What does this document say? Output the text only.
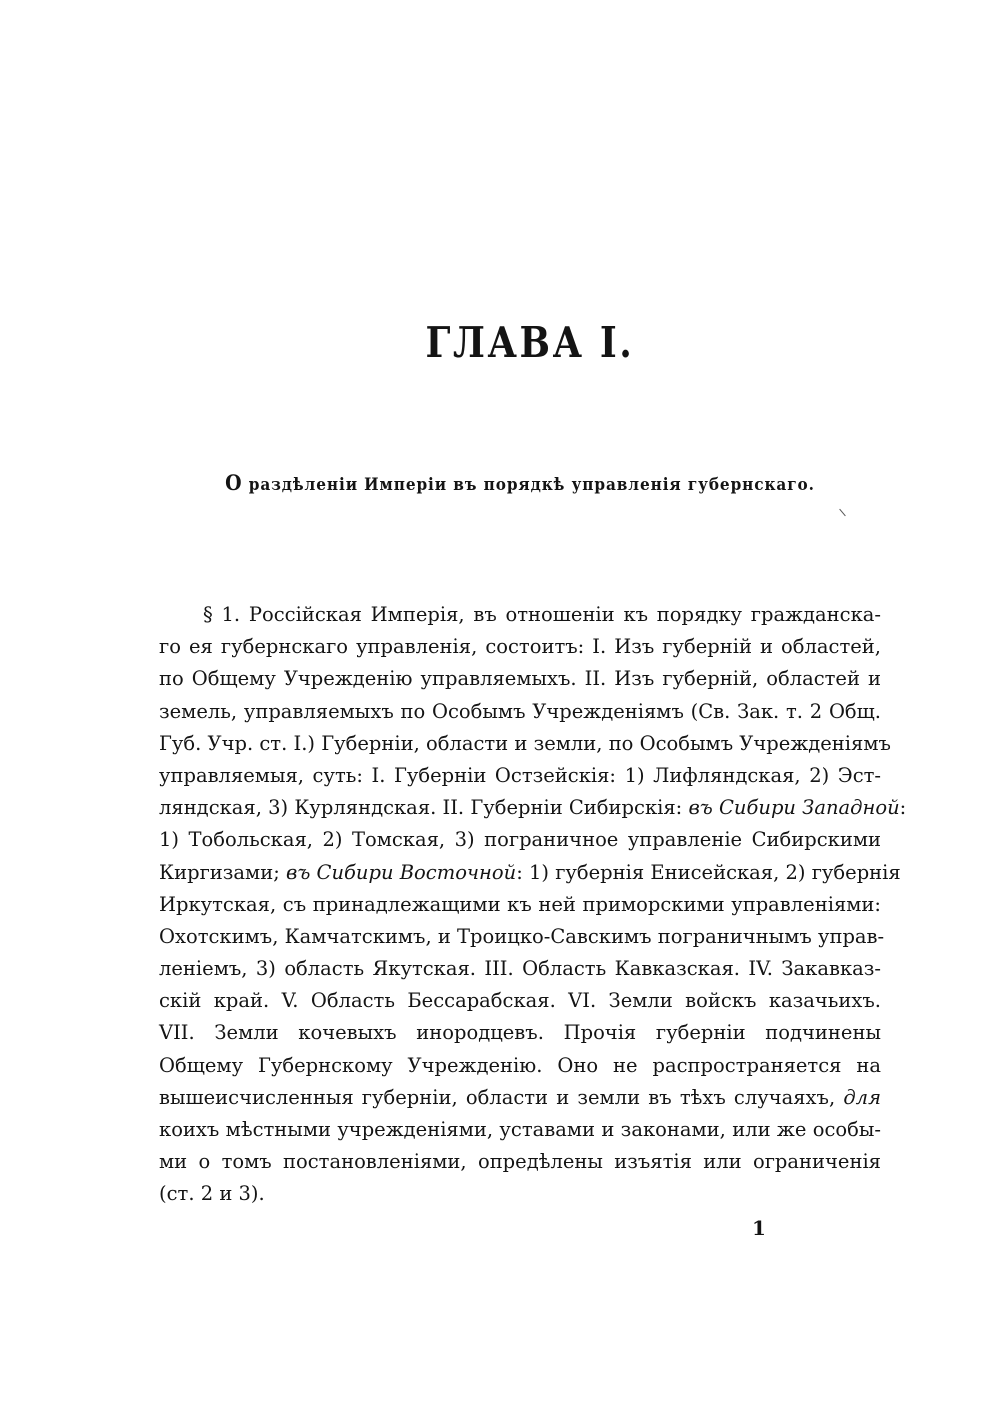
ГЛАВА I.
О раздѣленіи Имперiи въ порядкѣ управленія губернскаго.
§ 1. Россійская Имперія, въ отношеніи къ порядку гражданска-
го ея губернскаго управленія, состоитъ: I. Изъ губерній и областей,
по Общему Учрежденію управляемыхъ. II. Изъ губерній, областей и
земель, управляемыхъ по Особымъ Учрежденіямъ (Св. Зак. т. 2 Общ.
Губ. Учр. ст. I.) Губерніи, области и земли, по Особымъ Учрежденіямъ
управляемыя, суть: I. Губерніи Остзейскія: 1) Лифляндская, 2) Эст-
ляндская, 3) Курляндская. II. Губерніи Сибирскія: въ Сибири Западной:
1) Тобольская, 2) Томская, 3) пограничное управленіе Сибирскими
Киргизами; въ Сибири Восточной: 1) губернія Енисейская, 2) губернія
Иркутская, съ принадлежащими къ ней приморскими управленіями:
Охотскимъ, Камчатскимъ, и Троицко-Савскимъ пограничнымъ управ-
леніемъ, 3) область Якутская. III. Область Кавказская. IV. Закавказ-
скій край. V. Область Бессарабская. VI. Земли войскъ казачьихъ.
VII. Земли кочевыхъ инородцевъ. Прочія губерніи подчинены
Общему Губернскому Учрежденію. Оно не распространяется на
вышеисчисленныя губерніи, области и земли въ тѣхъ случаяхъ, для
коихъ мѣстными учрежденіями, уставами и законами, или же особы-
ми о томъ постановленіями, опредѣлены изъятія или ограниченія
(ст. 2 и 3).
1
